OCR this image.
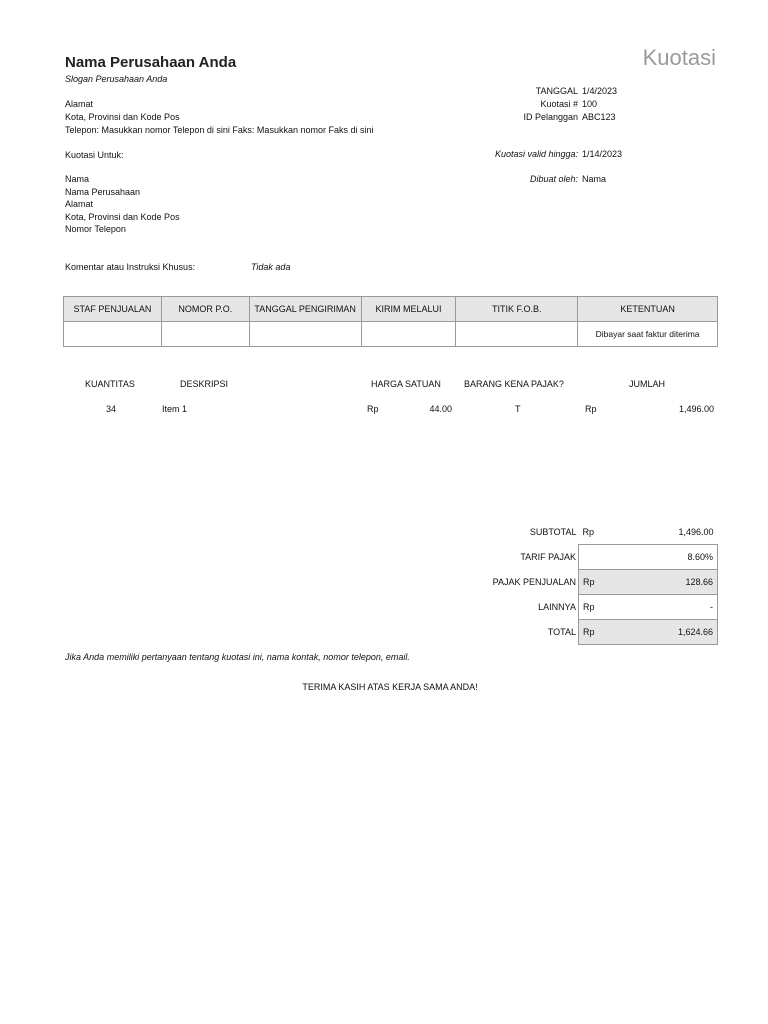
Nama Perusahaan Anda
Slogan Perusahaan Anda
Kuotasi
Alamat
Kota, Provinsi dan Kode Pos
Telepon: Masukkan nomor Telepon di sini Faks: Masukkan nomor Faks di sini
TANGGAL 1/4/2023
Kuotasi # 100
ID Pelanggan ABC123
Kuotasi valid hingga: 1/14/2023
Dibuat oleh: Nama
Kuotasi Untuk:
Nama
Nama Perusahaan
Alamat
Kota, Provinsi dan Kode Pos
Nomor Telepon
Komentar atau Instruksi Khusus:	Tidak ada
STAF PENJUALAN	NOMOR P.O.	TANGGAL PENGIRIMAN	KIRIM MELALUI	TITIK F.O.B.	KETENTUAN
					Dibayar saat faktur diterima
KUANTITAS	DESKRIPSI	HARGA SATUAN	BARANG KENA PAJAK?	JUMLAH
34	Item 1	Rp	44.00	T	Rp	1,496.00
SUBTOTAL	Rp	1,496.00
TARIF PAJAK		8.60%
PAJAK PENJUALAN	Rp	128.66
LAINNYA	Rp	-
TOTAL	Rp	1,624.66
Jika Anda memiliki pertanyaan tentang kuotasi ini, nama kontak, nomor telepon, email.
TERIMA KASIH ATAS KERJA SAMA ANDA!
